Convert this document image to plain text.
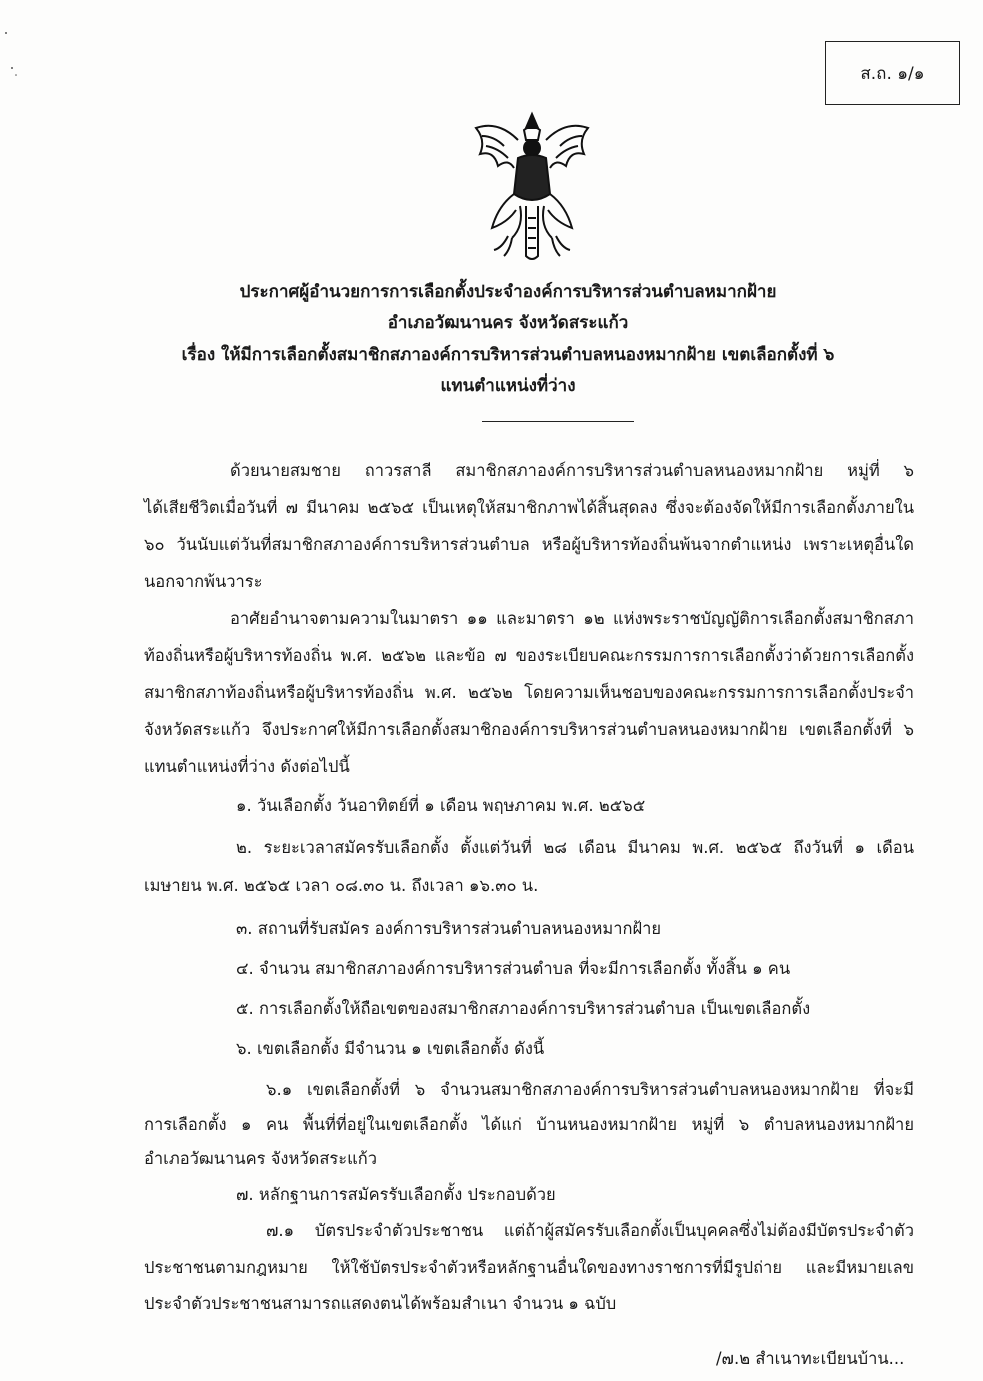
ส.ถ. ๑/๑
ประกาศผู้อำนวยการการเลือกตั้งประจำองค์การบริหารส่วนตำบลหมากฝ้าย
อำเภอวัฒนานคร จังหวัดสระแก้ว
เรื่อง ให้มีการเลือกตั้งสมาชิกสภาองค์การบริหารส่วนตำบลหนองหมากฝ้าย เขตเลือกตั้งที่ ๖
แทนตำแหน่งที่ว่าง
ด้วยนายสมชาย ถาวรสาลี สมาชิกสภาองค์การบริหารส่วนตำบลหนองหมากฝ้าย หมู่ที่ ๖
ได้เสียชีวิตเมื่อวันที่ ๗ มีนาคม ๒๕๖๕ เป็นเหตุให้สมาชิกภาพได้สิ้นสุดลง ซึ่งจะต้องจัดให้มีการเลือกตั้งภายใน
๖๐ วันนับแต่วันที่สมาชิกสภาองค์การบริหารส่วนตำบล หรือผู้บริหารท้องถิ่นพ้นจากตำแหน่ง เพราะเหตุอื่นใด
นอกจากพ้นวาระ
อาศัยอำนาจตามความในมาตรา ๑๑ และมาตรา ๑๒ แห่งพระราชบัญญัติการเลือกตั้งสมาชิกสภา
ท้องถิ่นหรือผู้บริหารท้องถิ่น พ.ศ. ๒๕๖๒ และข้อ ๗ ของระเบียบคณะกรรมการการเลือกตั้งว่าด้วยการเลือกตั้ง
สมาชิกสภาท้องถิ่นหรือผู้บริหารท้องถิ่น พ.ศ. ๒๕๖๒ โดยความเห็นชอบของคณะกรรมการการเลือกตั้งประจำ
จังหวัดสระแก้ว จึงประกาศให้มีการเลือกตั้งสมาชิกองค์การบริหารส่วนตำบลหนองหมากฝ้าย เขตเลือกตั้งที่ ๖
แทนตำแหน่งที่ว่าง ดังต่อไปนี้
๑. วันเลือกตั้ง วันอาทิตย์ที่ ๑ เดือน พฤษภาคม พ.ศ. ๒๕๖๕
๒. ระยะเวลาสมัครรับเลือกตั้ง ตั้งแต่วันที่ ๒๘ เดือน มีนาคม พ.ศ. ๒๕๖๕ ถึงวันที่ ๑ เดือน
เมษายน พ.ศ. ๒๕๖๕ เวลา ๐๘.๓๐ น. ถึงเวลา ๑๖.๓๐ น.
๓. สถานที่รับสมัคร องค์การบริหารส่วนตำบลหนองหมากฝ้าย
๔. จำนวน สมาชิกสภาองค์การบริหารส่วนตำบล ที่จะมีการเลือกตั้ง ทั้งสิ้น ๑ คน
๕. การเลือกตั้งให้ถือเขตของสมาชิกสภาองค์การบริหารส่วนตำบล เป็นเขตเลือกตั้ง
๖. เขตเลือกตั้ง มีจำนวน ๑ เขตเลือกตั้ง ดังนี้
๖.๑ เขตเลือกตั้งที่ ๖ จำนวนสมาชิกสภาองค์การบริหารส่วนตำบลหนองหมากฝ้าย ที่จะมี
การเลือกตั้ง ๑ คน พื้นที่ที่อยู่ในเขตเลือกตั้ง ได้แก่ บ้านหนองหมากฝ้าย หมู่ที่ ๖ ตำบลหนองหมากฝ้าย
อำเภอวัฒนานคร จังหวัดสระแก้ว
๗. หลักฐานการสมัครรับเลือกตั้ง ประกอบด้วย
๗.๑ บัตรประจำตัวประชาชน แต่ถ้าผู้สมัครรับเลือกตั้งเป็นบุคคลซึ่งไม่ต้องมีบัตรประจำตัว
ประชาชนตามกฎหมาย ให้ใช้บัตรประจำตัวหรือหลักฐานอื่นใดของทางราชการที่มีรูปถ่าย และมีหมายเลข
ประจำตัวประชาชนสามารถแสดงตนได้พร้อมสำเนา จำนวน ๑ ฉบับ
/๗.๒ สำเนาทะเบียนบ้าน...
